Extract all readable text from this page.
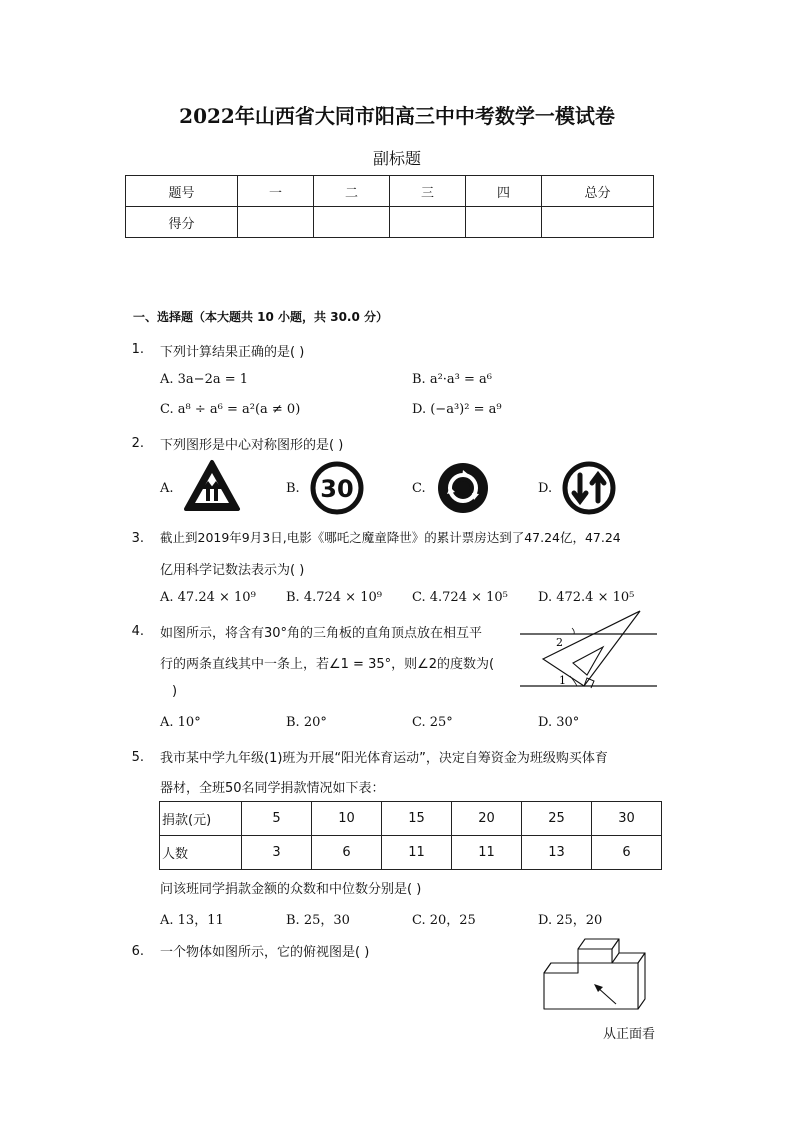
2022年山西省大同市阳高三中中考数学一模试卷
副标题
题号	一	二	三	四	总分
得分					
一、选择题（本大题共 10 小题，共 30.0 分）
1. 下列计算结果正确的是( )
A. 3a−2a = 1	B. a²·a³ = a⁶
C. a⁸ ÷ a⁶ = a²(a ≠ 0)	D. (−a³)² = a⁹
2. 下列图形是中心对称图形的是( )
A.	B. 30	C.	D.
3. 截止到2019年9月3日,电影《哪吒之魔童降世》的累计票房达到了47.24亿，47.24
亿用科学记数法表示为( )
A. 47.24 × 10⁹ B. 4.724 × 10⁹ C. 4.724 × 10⁵ D. 472.4 × 10⁵
4. 如图所示，将含有30°角的三角板的直角顶点放在相互平
行的两条直线其中一条上，若∠1 = 35°，则∠2的度数为(
)
2
1
A. 10°	B. 20°	C. 25°	D. 30°
5. 我市某中学九年级(1)班为开展“阳光体育运动”，决定自筹资金为班级购买体育
器材，全班50名同学捐款情况如下表：
捐款(元)	5	10	15	20	25	30
人数	3	6	11	11	13	6
问该班同学捐款金额的众数和中位数分别是( )
A. 13，11	B. 25，30	C. 20，25	D. 25，20
6. 一个物体如图所示，它的俯视图是( )
从正面看
